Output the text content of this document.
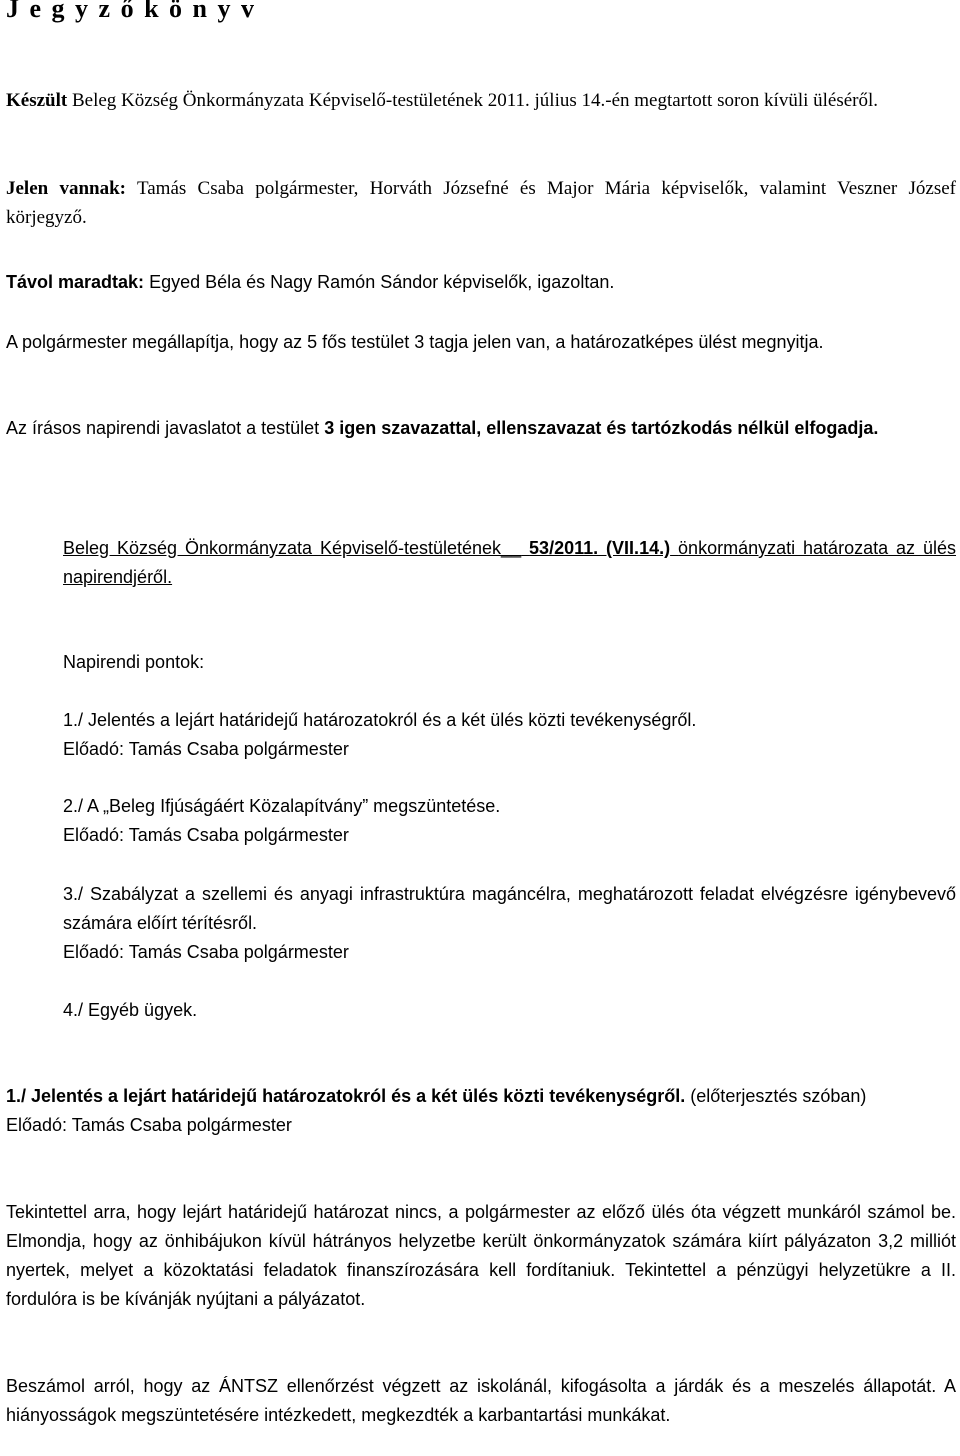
Jegyzőkönyv

Készült Beleg Község Önkormányzata Képviselő-testületének 2011. július 14.-én megtartott soron kívüli üléséről.

Jelen vannak: Tamás Csaba polgármester, Horváth Józsefné és Major Mária képviselők, valamint Veszner József körjegyző.

Távol maradtak: Egyed Béla és Nagy Ramón Sándor képviselők, igazoltan.

A polgármester megállapítja, hogy az 5 fős testület 3 tagja jelen van, a határozatképes ülést megnyitja.

Az írásos napirendi javaslatot a testület 3 igen szavazattal, ellenszavazat és tartózkodás nélkül elfogadja.

Beleg Község Önkormányzata Képviselő-testületének__ 53/2011. (VII.14.) önkormányzati határozata az ülés napirendjéről.

Napirendi pontok:

1./ Jelentés a lejárt határidejű határozatokról és a két ülés közti tevékenységről.
Előadó: Tamás Csaba polgármester
2./ A „Beleg Ifjúságáért Közalapítvány” megszüntetése.
Előadó: Tamás Csaba polgármester
3./ Szabályzat a szellemi és anyagi infrastruktúra magáncélra, meghatározott feladat elvégzésre igénybevevő számára előírt térítésről.
Előadó: Tamás Csaba polgármester
4./ Egyéb ügyek.
1./ Jelentés a lejárt határidejű határozatokról és a két ülés közti tevékenységről. (előterjesztés szóban)
Előadó: Tamás Csaba polgármester

Tekintettel arra, hogy lejárt határidejű határozat nincs, a polgármester az előző ülés óta végzett munkáról számol be. Elmondja, hogy az önhibájukon kívül hátrányos helyzetbe került önkormányzatok számára kiírt pályázaton 3,2 milliót nyertek, melyet a közoktatási feladatok finanszírozására kell fordítaniuk. Tekintettel a pénzügyi helyzetükre a II. fordulóra is be kívánják nyújtani a pályázatot.

Beszámol arról, hogy az ÁNTSZ ellenőrzést végzett az iskolánál, kifogásolta a járdák és a meszelés állapotát. A hiányosságok megszüntetésére intézkedett, megkezdték a karbantartási munkákat.
